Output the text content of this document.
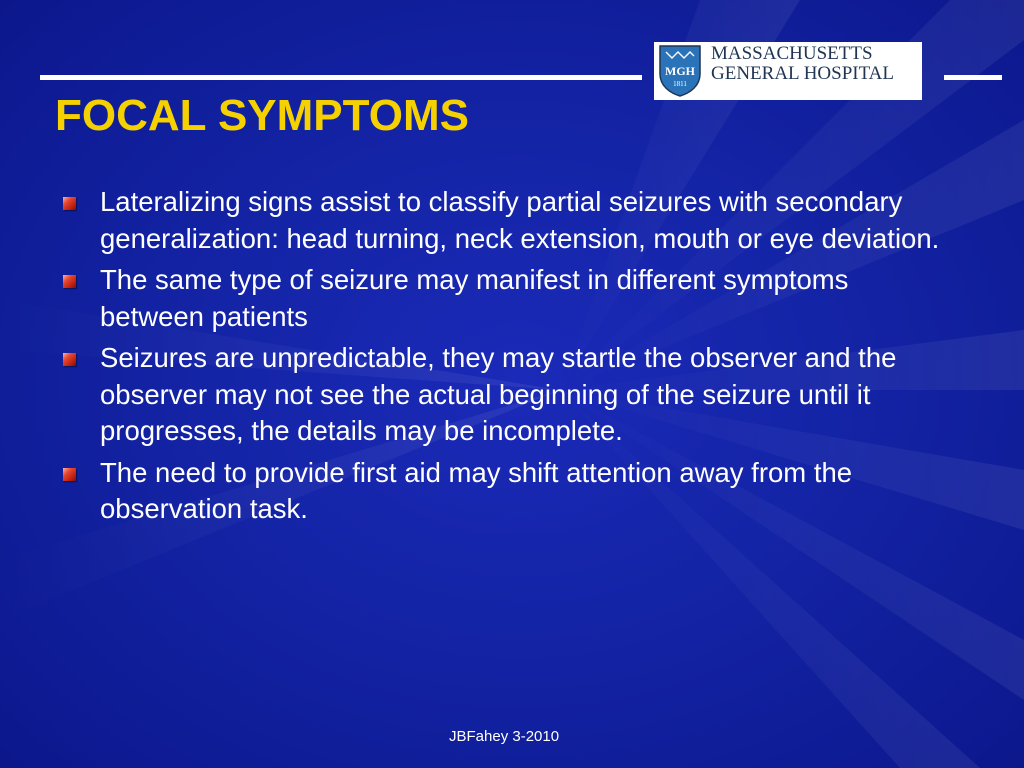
MGH
1811
MASSACHUSETTS
GENERAL HOSPITAL
FOCAL SYMPTOMS
Lateralizing signs assist to classify partial seizures with secondary generalization: head turning, neck extension, mouth or eye deviation.
The same type of seizure may manifest in different symptoms between patients
Seizures are unpredictable, they may startle the observer and the observer may not see the actual beginning of the seizure until it progresses, the details may be incomplete.
The need to provide first aid may shift attention away from the observation task.
JBFahey 3-2010
